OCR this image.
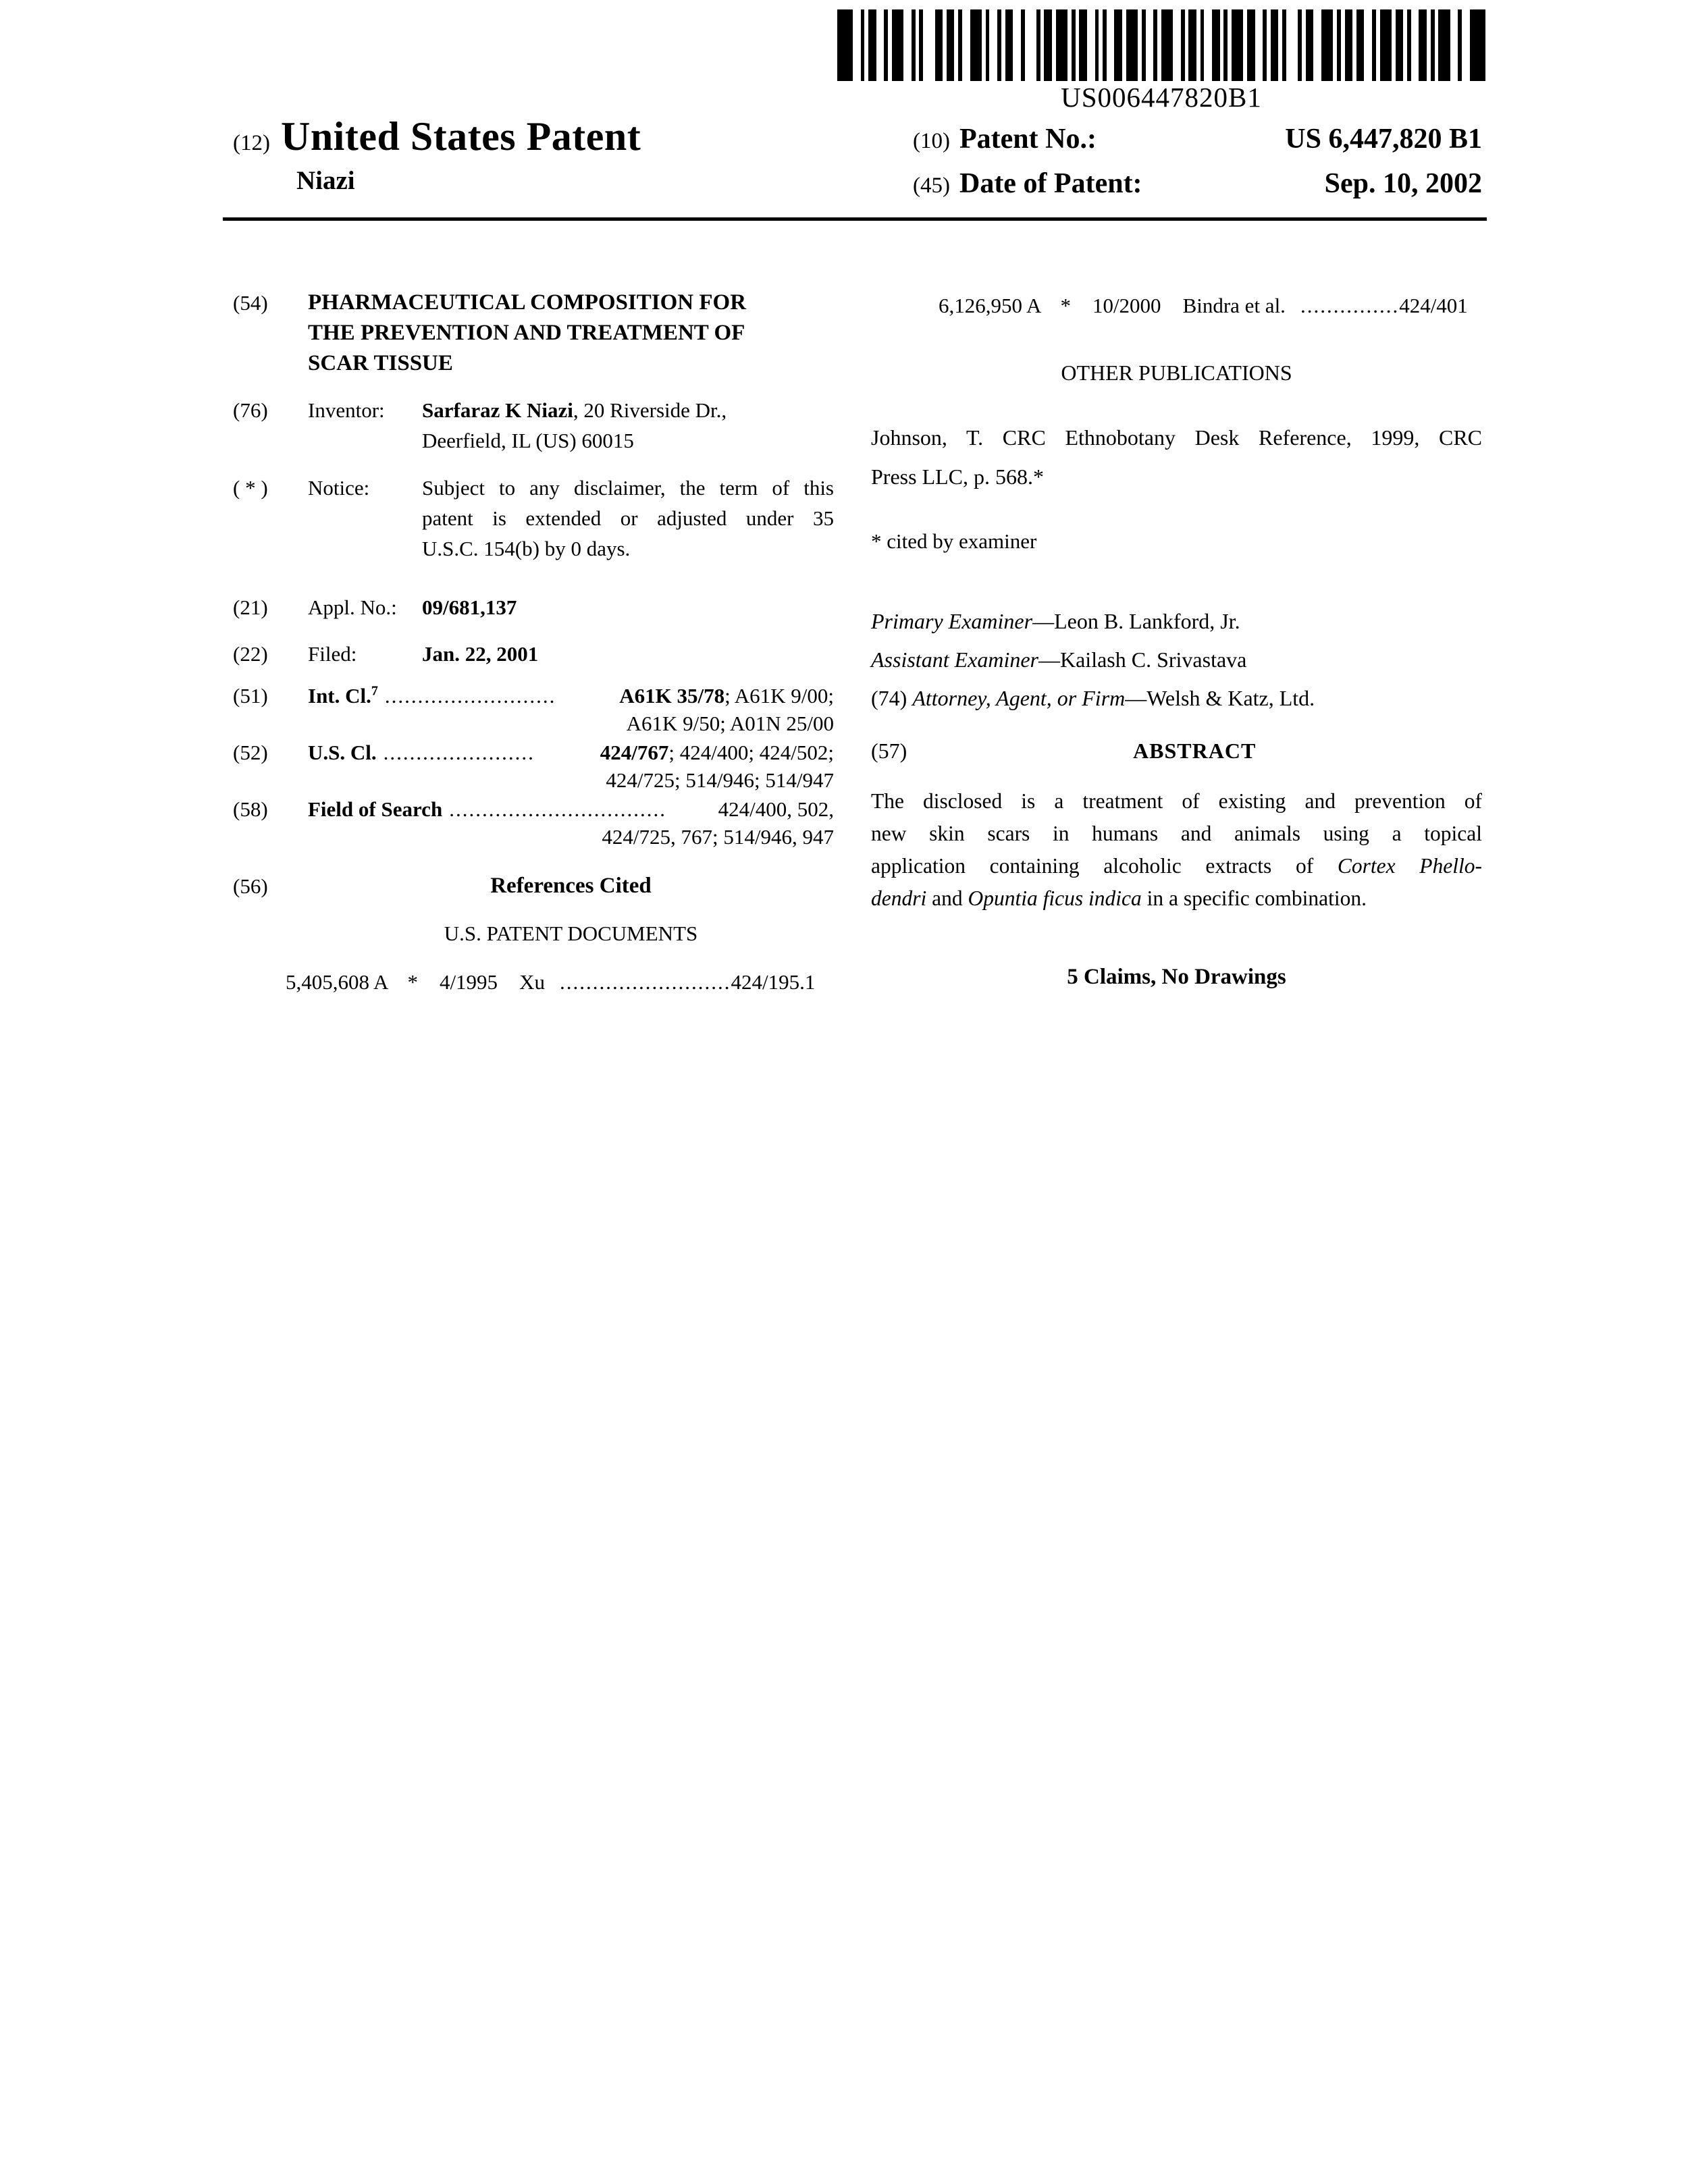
US006447820B1
(12) United States Patent
Niazi
(10) Patent No.:	US 6,447,820 B1
(45) Date of Patent:	Sep. 10, 2002
(54)	PHARMACEUTICAL COMPOSITION FOR
THE PREVENTION AND TREATMENT OF
SCAR TISSUE
(76)	Inventor:	Sarfaraz K Niazi, 20 Riverside Dr.,
Deerfield, IL (US) 60015
( * )	Notice:	Subject to any disclaimer, the term of this
patent is extended or adjusted under 35
U.S.C. 154(b) by 0 days.
(21)	Appl. No.:	09/681,137
(22)	Filed:	Jan. 22, 2001
(51)	Int. Cl.$^7$ ..........................	A61K 35/78; A61K 9/00;
A61K 9/50; A01N 25/00
(52)	U.S. Cl. .......................	424/767; 424/400; 424/502;
424/725; 514/946; 514/947
(58)	Field of Search ................................. 424/400, 502,
424/725, 767; 514/946, 947
(56)	References Cited
U.S. PATENT DOCUMENTS
5,405,608 A * 4/1995 Xu .......................... 424/195.1
6,126,950 A * 10/2000 Bindra et al. ............... 424/401
OTHER PUBLICATIONS
Johnson, T. CRC Ethnobotany Desk Reference, 1999, CRC
Press LLC, p. 568.*
* cited by examiner
Primary Examiner—Leon B. Lankford, Jr.
Assistant Examiner—Kailash C. Srivastava
(74) Attorney, Agent, or Firm—Welsh & Katz, Ltd.
(57)	ABSTRACT
The disclosed is a treatment of existing and prevention of
new skin scars in humans and animals using a topical
application containing alcoholic extracts of Cortex Phello-
dendri and Opuntia ficus indica in a specific combination.
5 Claims, No Drawings
